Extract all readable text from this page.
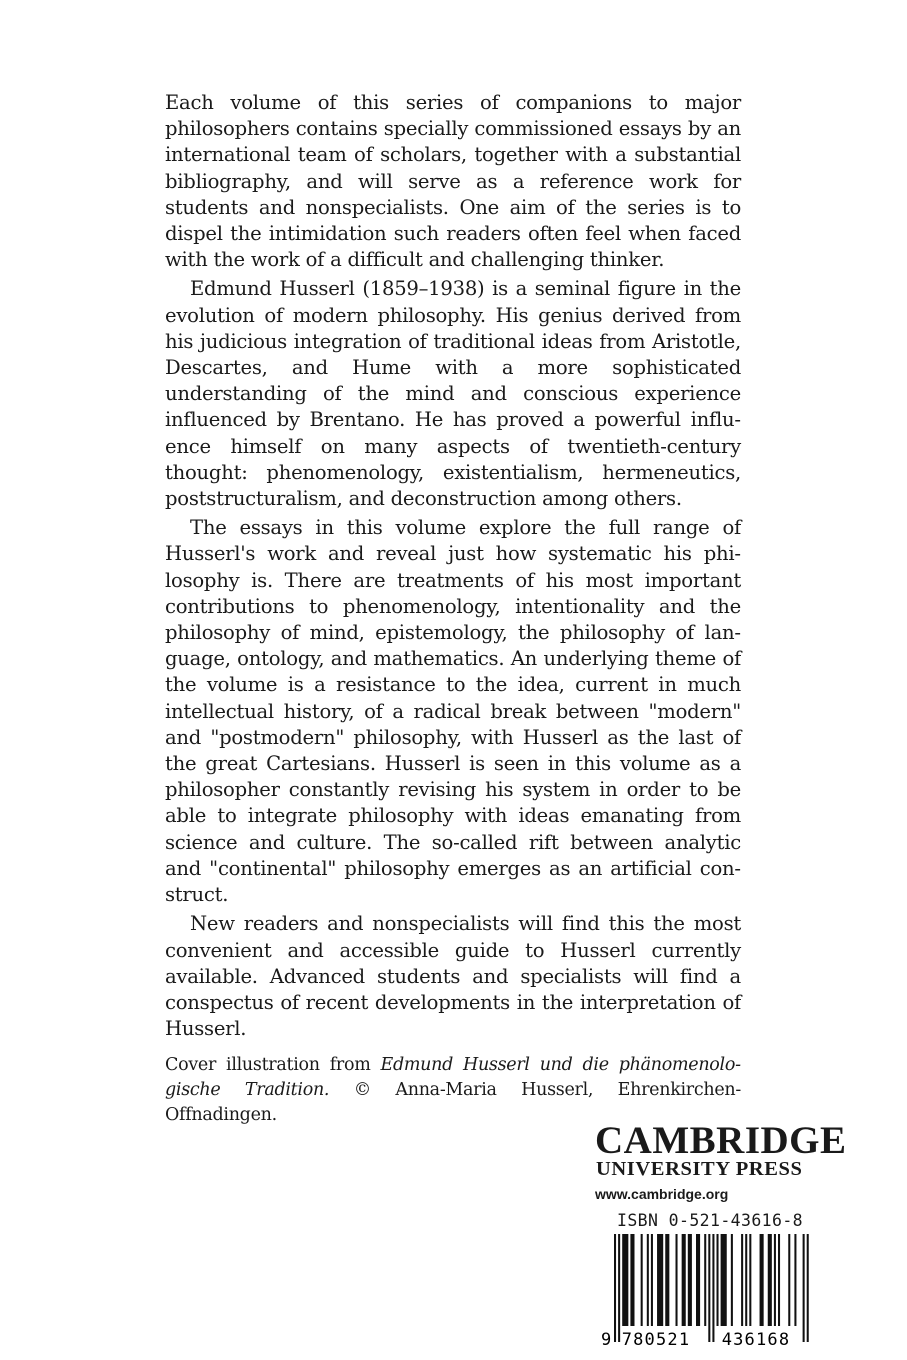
Each volume of this series of companions to major philosophers contains specially commissioned essays by an international team of scholars, together with a substantial bibliography, and will serve as a reference work for students and nonspecialists. One aim of the series is to dispel the intimidation such readers often feel when faced with the work of a difficult and challenging thinker.

Edmund Husserl (1859–1938) is a seminal figure in the evolution of modern philosophy. His genius derived from his judicious integration of traditional ideas from Aristotle, Descartes, and Hume with a more sophisticated understanding of the mind and conscious experience influenced by Brentano. He has proved a powerful influence himself on many aspects of twentieth-century thought: phenomenology, existentialism, hermeneutics, poststructuralism, and deconstruction among others.

The essays in this volume explore the full range of Husserl's work and reveal just how systematic his philosophy is. There are treatments of his most important contributions to phenomenology, intentionality and the philosophy of mind, epistemology, the philosophy of language, ontology, and mathematics. An underlying theme of the volume is a resistance to the idea, current in much intellectual history, of a radical break between "modern" and "postmodern" philosophy, with Husserl as the last of the great Cartesians. Husserl is seen in this volume as a philosopher constantly revising his system in order to be able to integrate philosophy with ideas emanating from science and culture. The so-called rift between analytic and "continental" philosophy emerges as an artificial construct.

New readers and nonspecialists will find this the most convenient and accessible guide to Husserl currently available. Advanced students and specialists will find a conspectus of recent developments in the interpretation of Husserl.

Cover illustration from Edmund Husserl und die phänomenologische Tradition. © Anna-Maria Husserl, Ehrenkirchen-Offnadingen.
CAMBRIDGE
UNIVERSITY PRESS
www.cambridge.org
ISBN 0-521-43616-8
9 780521 436168
